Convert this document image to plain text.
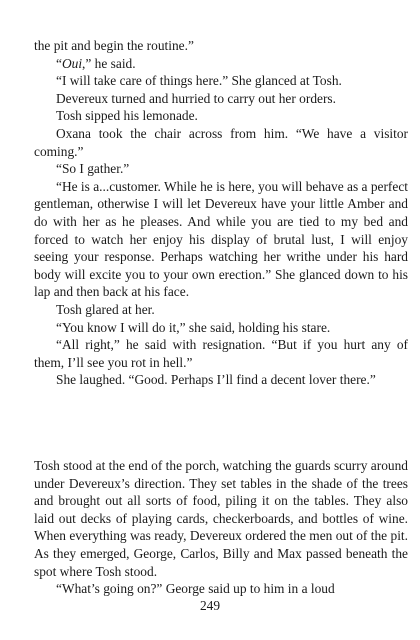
the pit and begin the routine.”

“Oui,” he said.

“I will take care of things here.” She glanced at Tosh.

Devereux turned and hurried to carry out her orders.

Tosh sipped his lemonade.

Oxana took the chair across from him. “We have a visitor coming.”

“So I gather.”

“He is a...customer. While he is here, you will behave as a perfect gentleman, otherwise I will let Devereux have your little Amber and do with her as he pleases. And while you are tied to my bed and forced to watch her enjoy his display of brutal lust, I will enjoy seeing your response. Perhaps watching her writhe under his hard body will excite you to your own erection.” She glanced down to his lap and then back at his face.

Tosh glared at her.

“You know I will do it,” she said, holding his stare.

“All right,” he said with resignation. “But if you hurt any of them, I’ll see you rot in hell.”

She laughed. “Good. Perhaps I’ll find a decent lover there.”

Tosh stood at the end of the porch, watching the guards scurry around under Devereux’s direction. They set tables in the shade of the trees and brought out all sorts of food, piling it on the tables. They also laid out decks of playing cards, checkerboards, and bottles of wine. When everything was ready, Devereux ordered the men out of the pit. As they emerged, George, Carlos, Billy and Max passed beneath the spot where Tosh stood.

“What’s going on?” George said up to him in a loud

249
